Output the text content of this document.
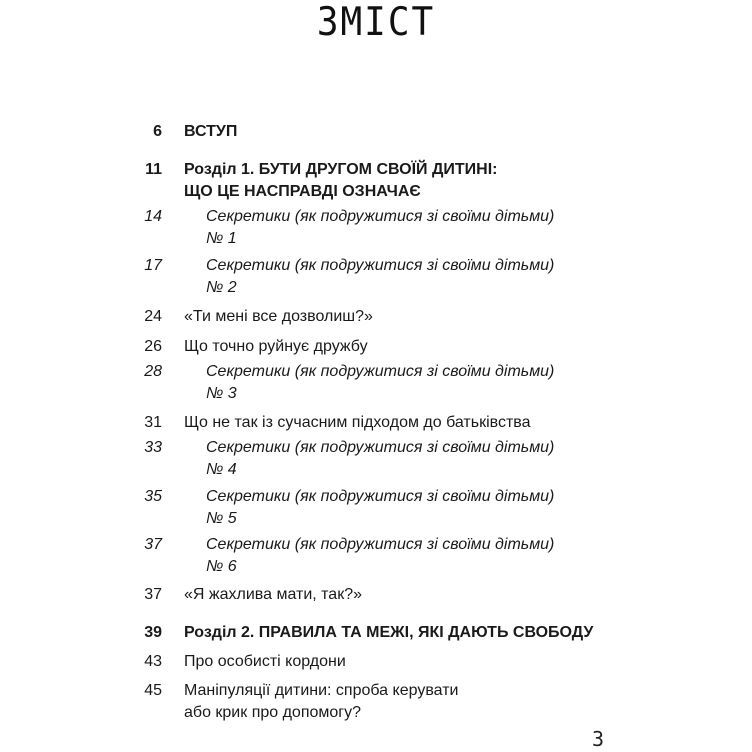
ЗМІСТ
6 ВСТУП
11 Розділ 1. БУТИ ДРУГОМ СВОЇЙ ДИТИНІ:
ЩО ЦЕ НАСПРАВДІ ОЗНАЧАЄ
14	Секретики (як подружитися зі своїми дітьми)
№ 1
17	Секретики (як подружитися зі своїми дітьми)
№ 2
24 «Ти мені все дозволиш?»
26 Що точно руйнує дружбу
28	Секретики (як подружитися зі своїми дітьми)
№ 3
31 Що не так із сучасним підходом до батьківства
33	Секретики (як подружитися зі своїми дітьми)
№ 4
35	Секретики (як подружитися зі своїми дітьми)
№ 5
37	Секретики (як подружитися зі своїми дітьми)
№ 6
37 «Я жахлива мати, так?»
39 Розділ 2. ПРАВИЛА ТА МЕЖІ, ЯКІ ДАЮТЬ СВОБОДУ
43 Про особисті кордони
45 Маніпуляції дитини: спроба керувати
або крик про допомогу?
3
